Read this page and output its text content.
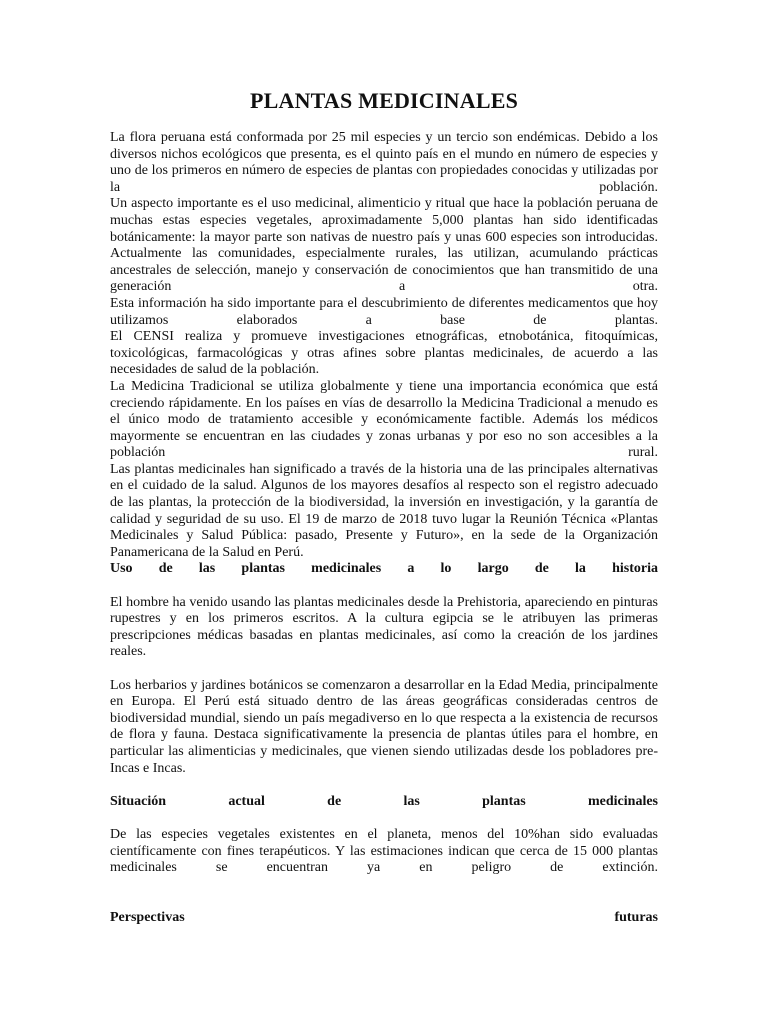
PLANTAS MEDICINALES

La flora peruana está conformada por 25 mil especies y un tercio son endémicas. Debido a los diversos nichos ecológicos que presenta, es el quinto país en el mundo en número de especies y uno de los primeros en número de especies de plantas con propiedades conocidas y utilizadas por la población.

Un aspecto importante es el uso medicinal, alimenticio y ritual que hace la población peruana de muchas estas especies vegetales, aproximadamente 5,000 plantas han sido identificadas botánicamente: la mayor parte son nativas de nuestro país y unas 600 especies son introducidas. Actualmente las comunidades, especialmente rurales, las utilizan, acumulando prácticas ancestrales de selección, manejo y conservación de conocimientos que han transmitido de una generación a otra.

Esta información ha sido importante para el descubrimiento de diferentes medicamentos que hoy utilizamos elaborados a base de plantas.

El CENSI realiza y promueve investigaciones etnográficas, etnobotánica, fitoquímicas, toxicológicas, farmacológicas y otras afines sobre plantas medicinales, de acuerdo a las necesidades de salud de la población.

La Medicina Tradicional se utiliza globalmente y tiene una importancia económica que está creciendo rápidamente. En los países en vías de desarrollo la Medicina Tradicional a menudo es el único modo de tratamiento accesible y económicamente factible. Además los médicos mayormente se encuentran en las ciudades y zonas urbanas y por eso no son accesibles a la población rural.

Las plantas medicinales han significado a través de la historia una de las principales alternativas en el cuidado de la salud. Algunos de los mayores desafíos al respecto son el registro adecuado de las plantas, la protección de la biodiversidad, la inversión en investigación, y la garantía de calidad y seguridad de su uso. El 19 de marzo de 2018 tuvo lugar la Reunión Técnica «Plantas Medicinales y Salud Pública: pasado, Presente y Futuro», en la sede de la Organización Panamericana de la Salud en Perú.

Uso de las plantas medicinales a lo largo de la historia

El hombre ha venido usando las plantas medicinales desde la Prehistoria, apareciendo en pinturas rupestres y en los primeros escritos. A la cultura egipcia se le atribuyen las primeras prescripciones médicas basadas en plantas medicinales, así como la creación de los jardines reales.

Los herbarios y jardines botánicos se comenzaron a desarrollar en la Edad Media, principalmente en Europa. El Perú está situado dentro de las áreas geográficas consideradas centros de biodiversidad mundial, siendo un país megadiverso en lo que respecta a la existencia de recursos de flora y fauna. Destaca significativamente la presencia de plantas útiles para el hombre, en particular las alimenticias y medicinales, que vienen siendo utilizadas desde los pobladores pre-Incas e Incas.

Situación actual de las plantas medicinales

De las especies vegetales existentes en el planeta, menos del 10%han sido evaluadas científicamente con fines terapéuticos. Y las estimaciones indican que cerca de 15 000 plantas medicinales se encuentran ya en peligro de extinción.

Perspectivas futuras
